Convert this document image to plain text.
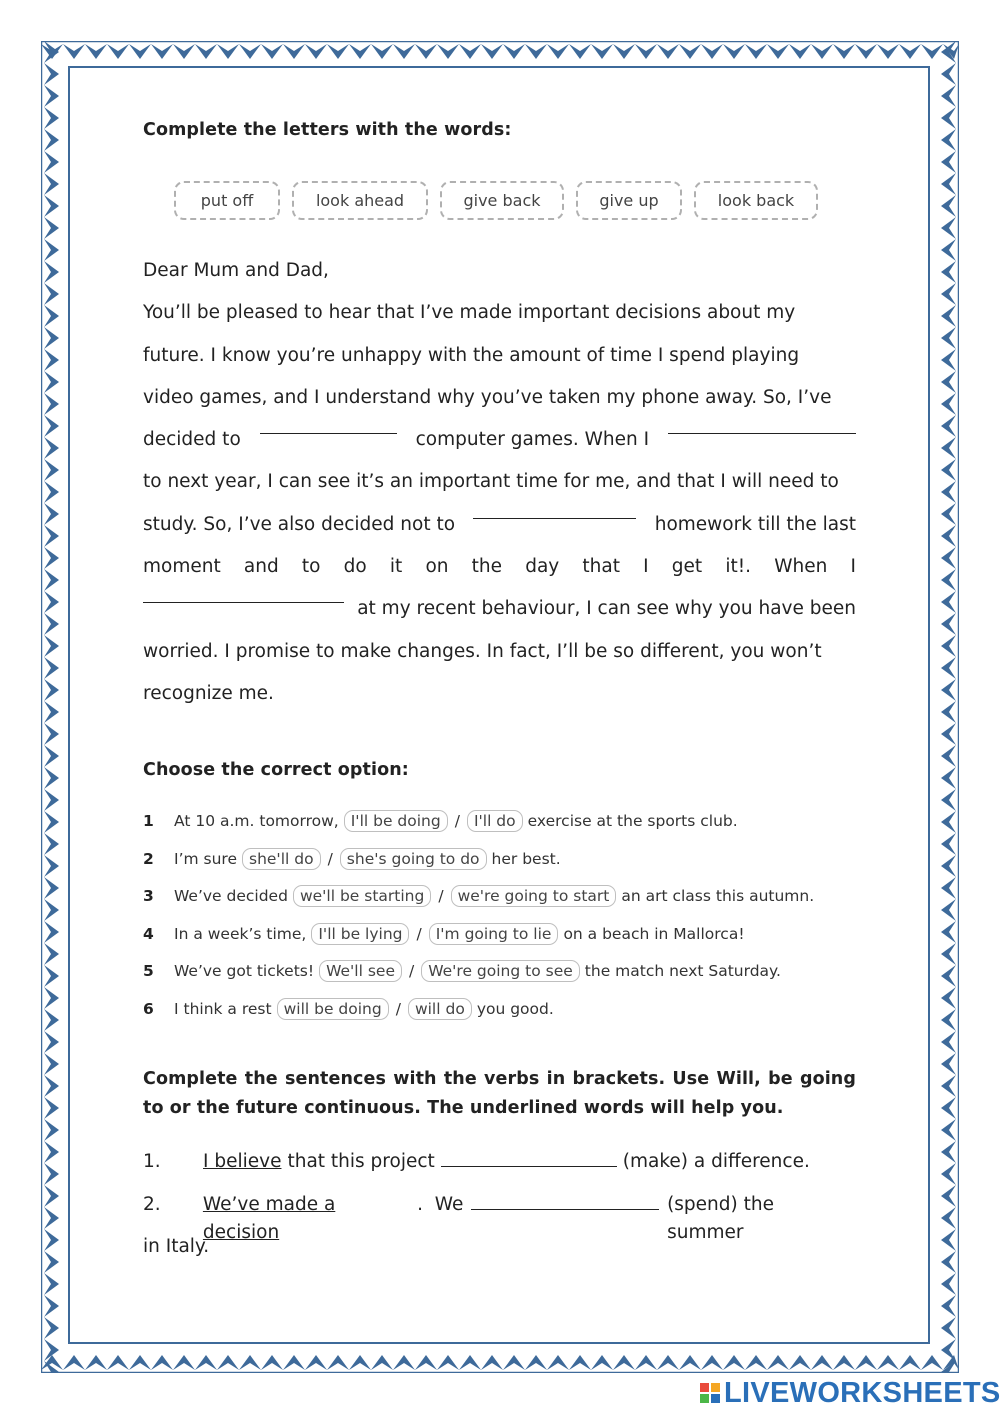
Complete the letters with the words:
put off	look ahead	give back	give up	look back

Dear Mum and Dad,

You’ll be pleased to hear that I’ve made important decisions about my

future. I know you’re unhappy with the amount of time I spend playing

video games, and I understand why you’ve taken my phone away. So, I’ve

decided to	computer games. When I

to next year, I can see it’s an important time for me, and that I will need to

study. So, I’ve also decided not to	homework till the last

moment and to do it on the day that I get it!. When I

at my recent behaviour, I can see why you have been

worried. I promise to make changes. In fact, I’ll be so different, you won’t

recognize me.

Choose the correct option:
1	At 10 a.m. tomorrow, I'll be doing / I'll do exercise at the sports club.
2	I’m sure she'll do / she's going to do her best.
3	We’ve decided we'll be starting / we're going to start an art class this autumn.
4	In a week’s time, I'll be lying / I'm going to lie on a beach in Mallorca!
5	We’ve got tickets! We'll see / We're going to see the match next Saturday.
6	I think a rest will be doing / will do you good.
Complete the sentences with the verbs in brackets. Use Will, be going
to or the future continuous. The underlined words will help you.

1.	I believe that this project	(make) a difference.

2.	We’ve made a decision
.  We	(spend) the summer

in Italy.

LIVEWORKSHEETS
